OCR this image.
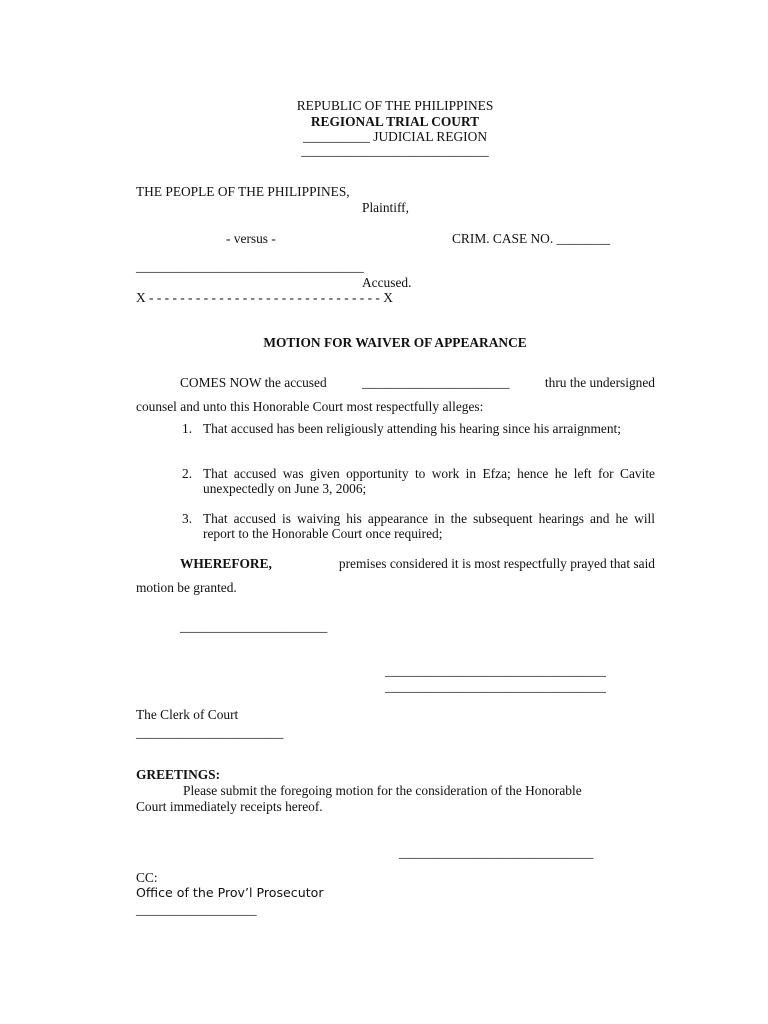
REPUBLIC OF THE PHILIPPINES
REGIONAL TRIAL COURT
__________ JUDICIAL REGION
____________________________
THE PEOPLE OF THE PHILIPPINES,
Plaintiff,
- versus -	CRIM. CASE NO. ________
__________________________________
Accused.
X - - - - - - - - - - - - - - - - - - - - - - - - - - - - - - X
MOTION FOR WAIVER OF APPEARANCE
COMES NOW the accused	______________________	thru the undersigned
counsel and unto this Honorable Court most respectfully alleges:
1. That accused has been religiously attending his hearing since his arraignment;
2. That accused was given opportunity to work in Efza; hence he left for Cavite unexpectedly on June 3, 2006;
3. That accused is waiving his appearance in the subsequent hearings and he will report to the Honorable Court once required;
WHEREFORE,	premises considered it is most respectfully prayed that said
motion be granted.
______________________
_________________________________
_________________________________
The Clerk of Court
______________________
GREETINGS:
Please submit the foregoing motion for the consideration of the Honorable
Court immediately receipts hereof.
_____________________________
CC:
Office of the Prov’l Prosecutor
__________________
